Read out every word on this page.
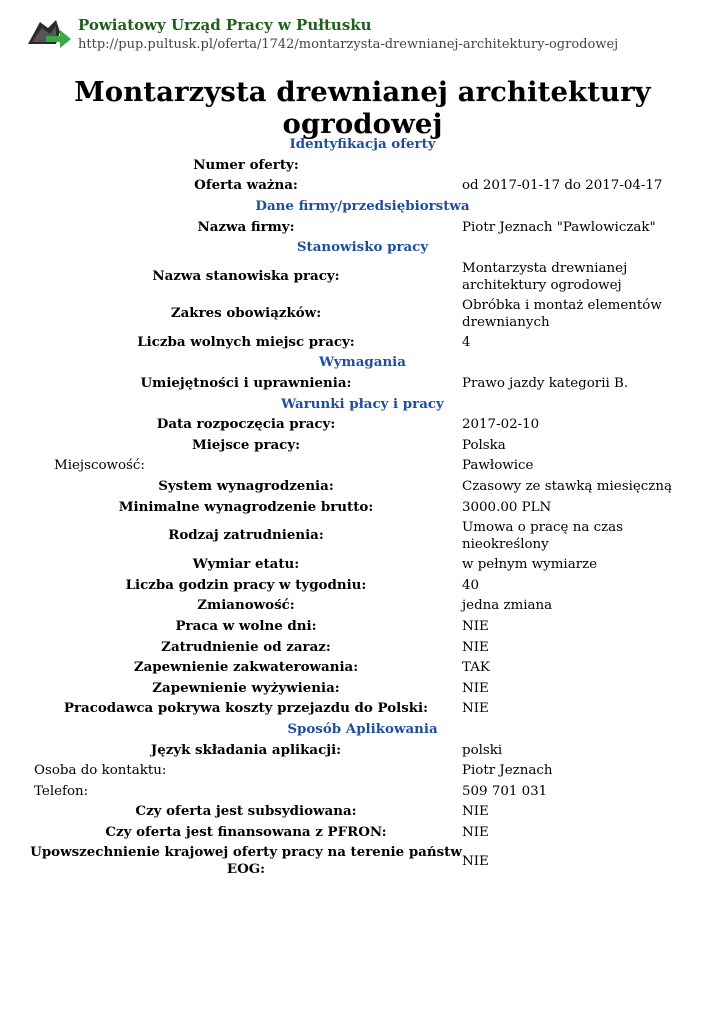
Powiatowy Urząd Pracy w Pułtusku
http://pup.pultusk.pl/oferta/1742/montarzysta-drewnianej-architektury-ogrodowej
Montarzysta drewnianej architektury ogrodowej
Identyfikacja oferty	
Numer oferty:	
Oferta ważna:	od 2017-01-17 do 2017-04-17
Dane firmy/przedsiębiorstwa	
Nazwa firmy:	Piotr Jeznach "Pawlowiczak"
Stanowisko pracy	
Nazwa stanowiska pracy:	Montarzysta drewnianej architektury ogrodowej
Zakres obowiązków:	Obróbka i montaż elementów drewnianych
Liczba wolnych miejsc pracy:	4
Wymagania	
Umiejętności i uprawnienia:	Prawo jazdy kategorii B.
Warunki płacy i pracy	
Data rozpoczęcia pracy:	2017-02-10
Miejsce pracy:	Polska
Miejscowość:	Pawłowice
System wynagrodzenia:	Czasowy ze stawką miesięczną
Minimalne wynagrodzenie brutto:	3000.00 PLN
Rodzaj zatrudnienia:	Umowa o pracę na czas nieokreślony
Wymiar etatu:	w pełnym wymiarze
Liczba godzin pracy w tygodniu:	40
Zmianowość:	jedna zmiana
Praca w wolne dni:	NIE
Zatrudnienie od zaraz:	NIE
Zapewnienie zakwaterowania:	TAK
Zapewnienie wyżywienia:	NIE
Pracodawca pokrywa koszty przejazdu do Polski:	NIE
Sposób Aplikowania	
Język składania aplikacji:	polski
Osoba do kontaktu:	Piotr Jeznach
Telefon:	509 701 031
Czy oferta jest subsydiowana:	NIE
Czy oferta jest finansowana z PFRON:	NIE
Upowszechnienie krajowej oferty pracy na terenie państw EOG:	NIE
